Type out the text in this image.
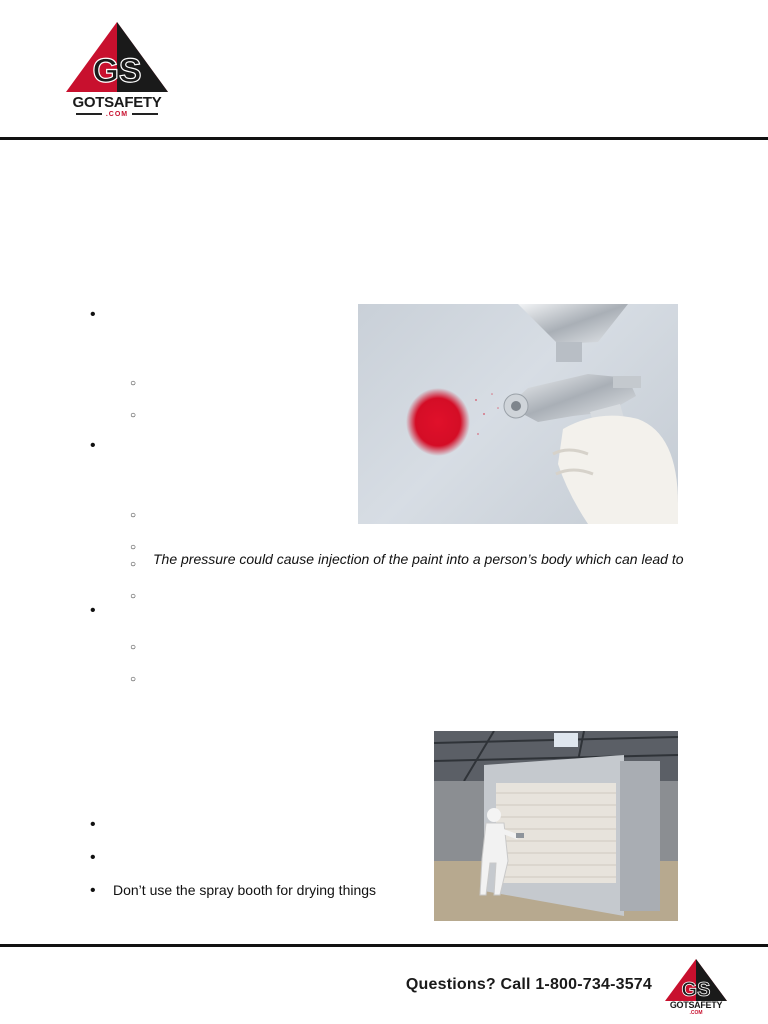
GS
GOTSAFETY
.COM
•
○
○
•
○
○
○
The pressure could cause injection of the paint into a person’s body which can lead to
○
•
○
○
•
•
•
Don’t use the spray booth for drying things
Questions? Call 1-800-734-3574 GS
GOTSAFETY
.COM
